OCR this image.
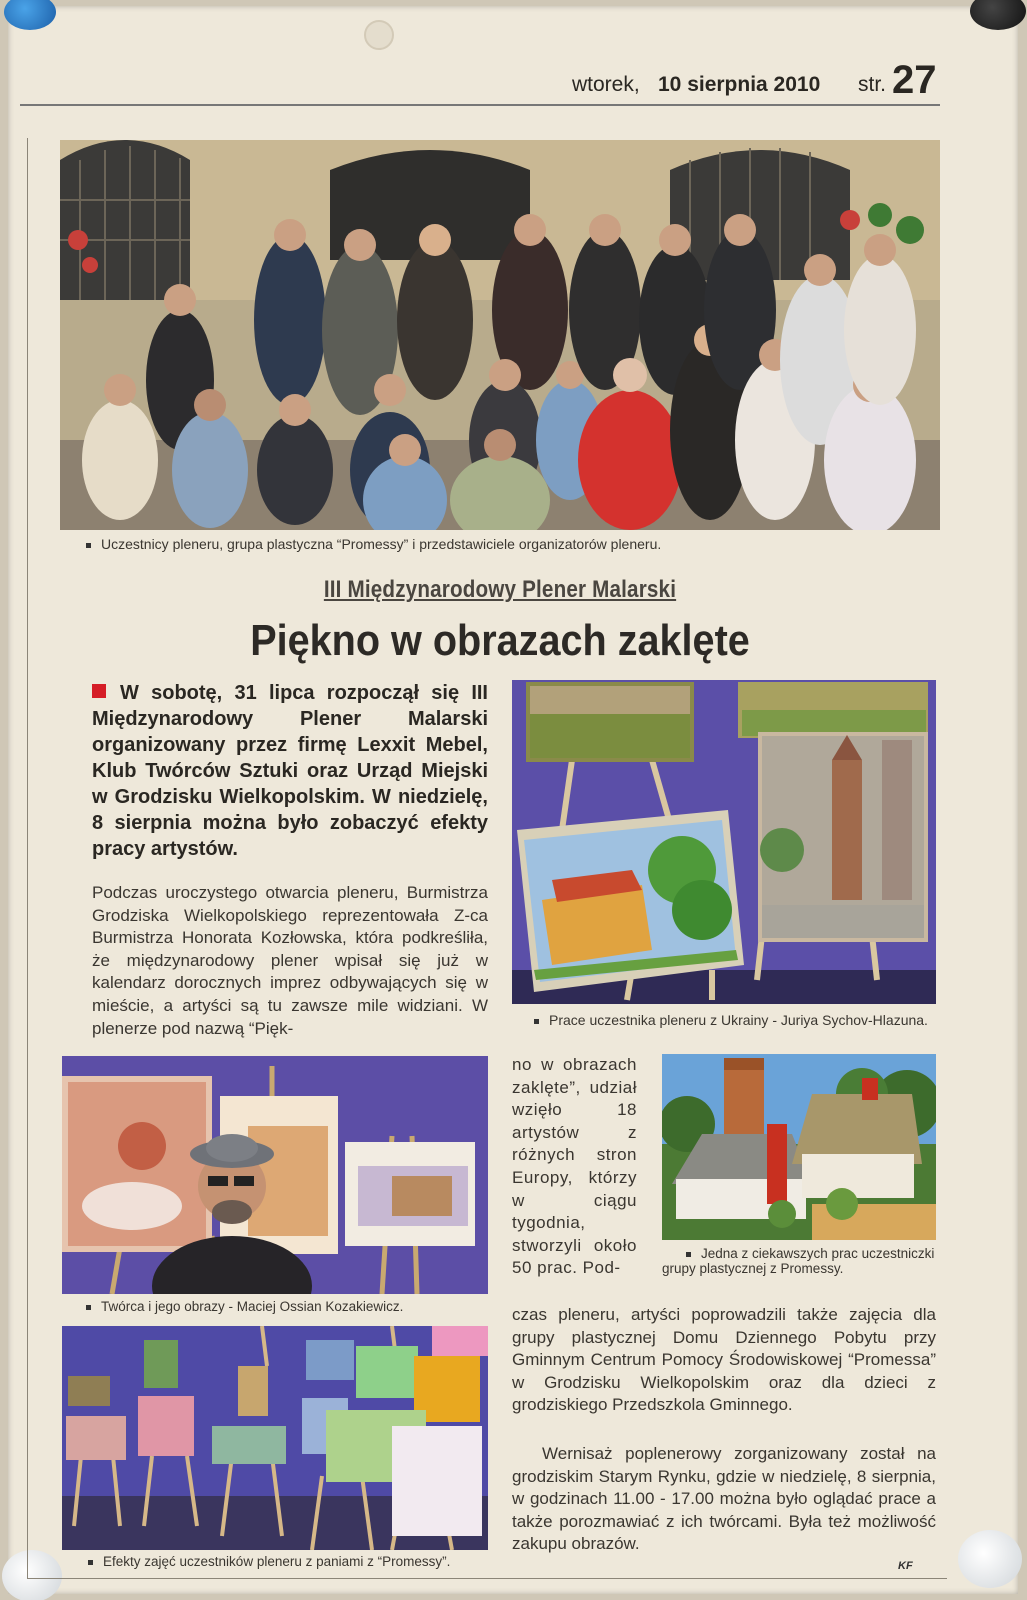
wtorek, 10 sierpnia 2010 str. 27
Uczestnicy pleneru, grupa plastyczna “Promessy” i przedstawiciele organizatorów pleneru.
III Międzynarodowy Plener Malarski
Piękno w obrazach zaklęte
W sobotę, 31 lipca rozpoczął się III Międzynarodowy Plener Malarski organizowany przez firmę Lexxit Mebel, Klub Twórców Sztuki oraz Urząd Miejski w Grodzisku Wielkopolskim. W niedzielę, 8 sierpnia można było zobaczyć efekty pracy artystów.
Podczas uroczystego otwarcia pleneru, Burmistrza Grodziska Wielkopolskiego reprezentowała Z-ca Burmistrza Honorata Kozłowska, która podkreśliła, że międzynarodowy plener wpisał się już w kalendarz dorocznych imprez odbywających się w mieście, a artyści są tu zawsze mile widziani. W plenerze pod nazwą “Pięk-	Prace uczestnika pleneru z Ukrainy - Juriya Sychov-Hlazuna.
Twórca i jego obrazy - Maciej Ossian Kozakiewicz.
no w obrazach zaklęte”, udział wzięło 18 artystów z różnych stron Europy, którzy w ciągu tygodnia, stworzyli około 50 prac. Pod-
Jedna z ciekawszych prac uczestniczki grupy plastycznej z Promessy.
Efekty zajęć uczestników pleneru z paniami z “Promessy”.
czas pleneru, artyści poprowadzili także zajęcia dla grupy plastycznej Domu Dziennego Pobytu przy Gminnym Centrum Pomocy Środowiskowej “Promessa” w Grodzisku Wielkopolskim oraz dla dzieci z grodziskiego Przedszkola Gminnego.
Wernisaż poplenerowy zorganizowany został na grodziskim Starym Rynku, gdzie w niedzielę, 8 sierpnia, w godzinach 11.00 - 17.00 można było oglądać prace a także porozmawiać z ich twórcami. Była też możliwość zakupu obrazów.
KF
